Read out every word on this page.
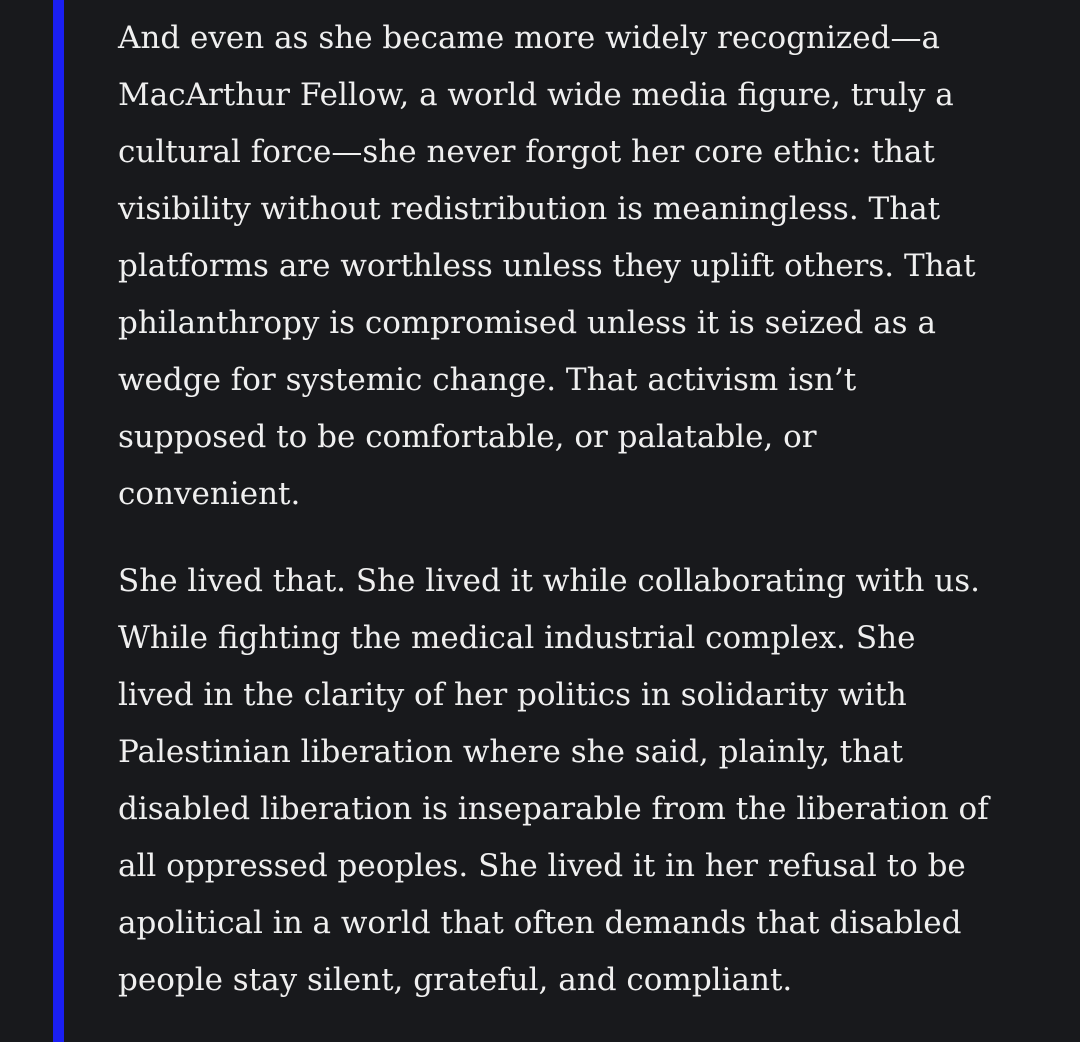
And even as she became more widely recognized—a
MacArthur Fellow, a world wide media figure, truly a
cultural force—she never forgot her core ethic: that
visibility without redistribution is meaningless. That
platforms are worthless unless they uplift others. That
philanthropy is compromised unless it is seized as a
wedge for systemic change. That activism isn’t
supposed to be comfortable, or palatable, or
convenient.

She lived that. She lived it while collaborating with us.
While fighting the medical industrial complex. She
lived in the clarity of her politics in solidarity with
Palestinian liberation where she said, plainly, that
disabled liberation is inseparable from the liberation of
all oppressed peoples. She lived it in her refusal to be
apolitical in a world that often demands that disabled
people stay silent, grateful, and compliant.
